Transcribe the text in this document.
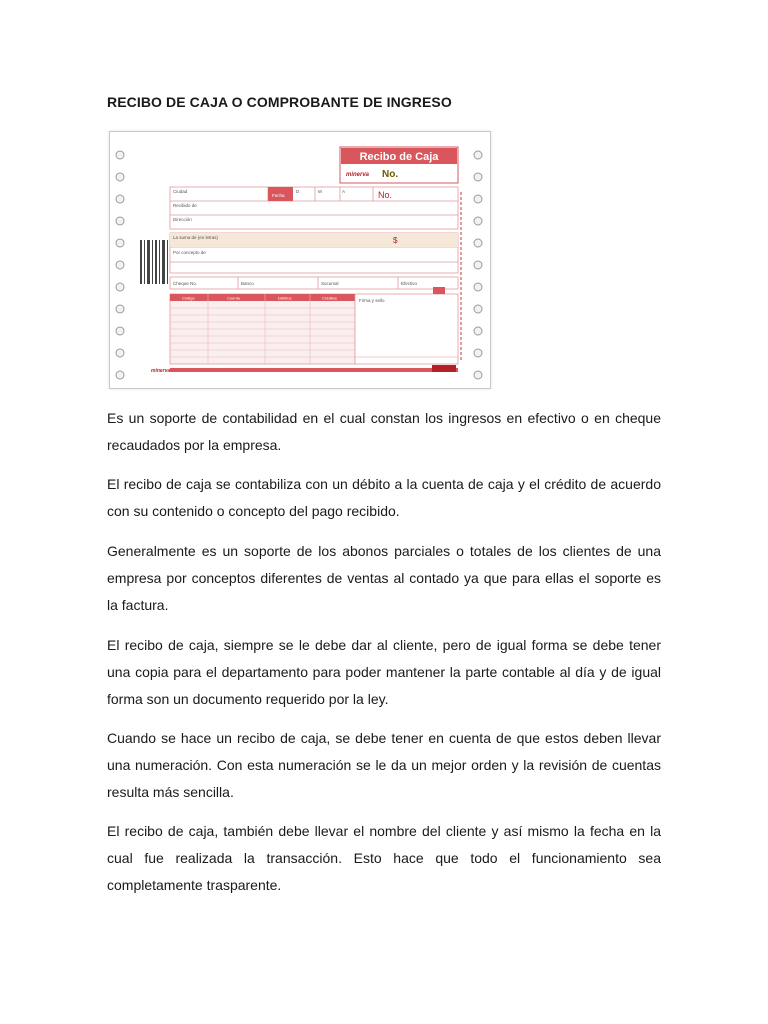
RECIBO DE CAJA O COMPROBANTE DE INGRESO
Recibo de Caja
minerva No.
Ciudad
Fecha
D	M	A	No.
Recibido de
Dirección
La suma de (en letras)	$
Por concepto de
Cheque No.	Banco	Sucursal	Efectivo
Código	Cuenta	Débitos	Créditos	Firma y sello
minerva

Es un soporte de contabilidad en el cual constan los ingresos en efectivo o en cheque recaudados por la empresa.

El recibo de caja se contabiliza con un débito a la cuenta de caja y el crédito de acuerdo con su contenido o concepto del pago recibido.

Generalmente es un soporte de los abonos parciales o totales de los clientes de una empresa por conceptos diferentes de ventas al contado ya que para ellas el soporte es la factura.

El recibo de caja, siempre se le debe dar al cliente, pero de igual forma se debe tener una copia para el departamento para poder mantener la parte contable al día y de igual forma son un documento requerido por la ley.

Cuando se hace un recibo de caja, se debe tener en cuenta de que estos deben llevar una numeración. Con esta numeración se le da un mejor orden y la revisión de cuentas resulta más sencilla.

El recibo de caja, también debe llevar el nombre del cliente y así mismo la fecha en la cual fue realizada la transacción. Esto hace que todo el funcionamiento sea completamente trasparente.
